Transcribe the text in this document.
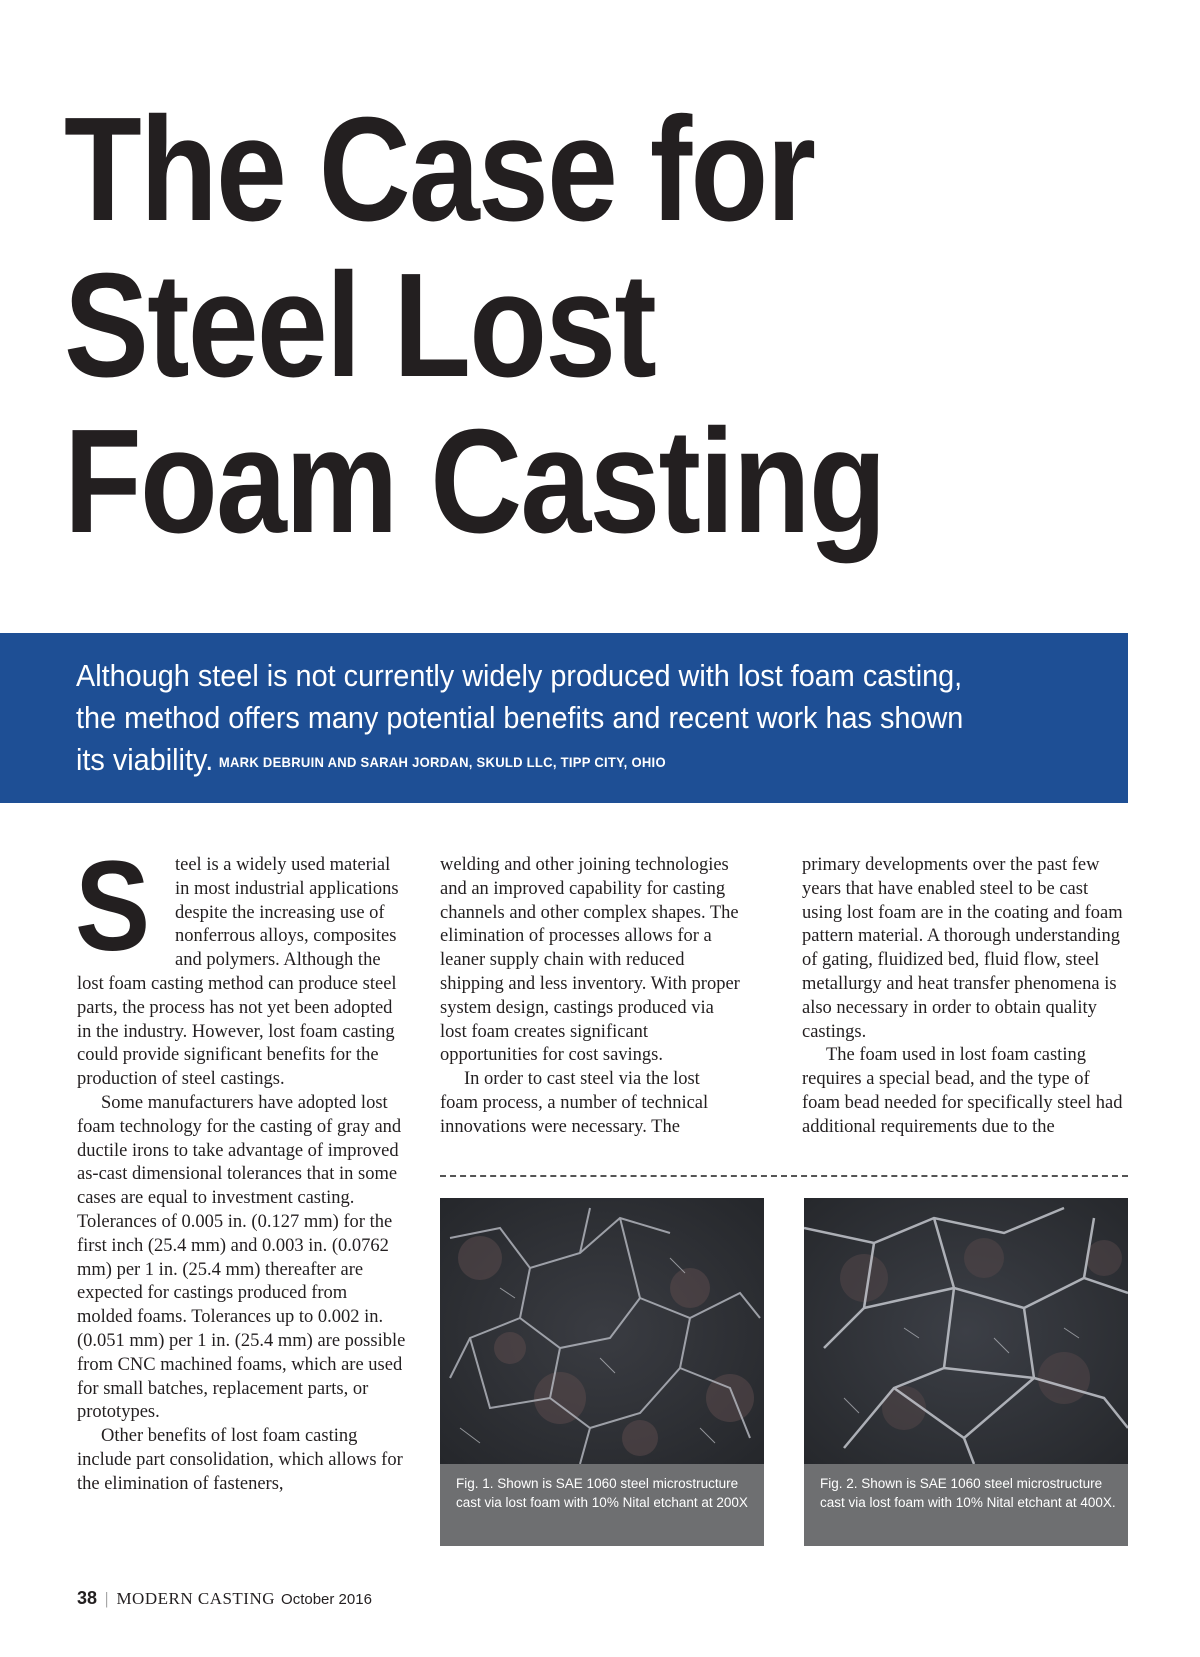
The Case for
Steel Lost
Foam Casting
Although steel is not currently widely produced with lost foam casting, the method offers many potential benefits and recent work has shown its viability. MARK DEBRUIN AND SARAH JORDAN, SKULD LLC, TIPP CITY, OHIO

S	teel is a widely used material in most industrial applications despite the increasing use of nonferrous alloys, composites and polymers. Although the lost foam casting method can produce steel parts, the process has not yet been adopted in the industry. However, lost foam casting could provide significant benefits for the production of steel castings.

Some manufacturers have adopted lost foam technology for the casting of gray and ductile irons to take advantage of improved as-cast dimensional tolerances that in some cases are equal to investment casting. Tolerances of 0.005 in. (0.127 mm) for the first inch (25.4 mm) and 0.003 in. (0.0762 mm) per 1 in. (25.4 mm) thereafter are expected for castings produced from molded foams. Tolerances up to 0.002 in. (0.051 mm) per 1 in. (25.4 mm) are possible from CNC machined foams, which are used for small batches, replacement parts, or prototypes.

Other benefits of lost foam casting include part consolidation, which allows for the elimination of fasteners,

welding and other joining technologies and an improved capability for casting channels and other complex shapes. The elimination of processes allows for a leaner supply chain with reduced shipping and less inventory. With proper system design, castings produced via lost foam creates significant opportunities for cost savings.

In order to cast steel via the lost foam process, a number of technical innovations were necessary. The

primary developments over the past few years that have enabled steel to be cast using lost foam are in the coating and foam pattern material. A thorough understanding of gating, fluidized bed, fluid flow, steel metallurgy and heat transfer phenomena is also necessary in order to obtain quality castings.

The foam used in lost foam casting requires a special bead, and the type of foam bead needed for specifically steel had additional requirements due to the

Fig. 1. Shown is SAE 1060 steel microstructure cast via lost foam with 10% Nital etchant at 200X
Fig. 2. Shown is SAE 1060 steel microstructure cast via lost foam with 10% Nital etchant at 400X.
38 | MODERN CASTING October 2016
